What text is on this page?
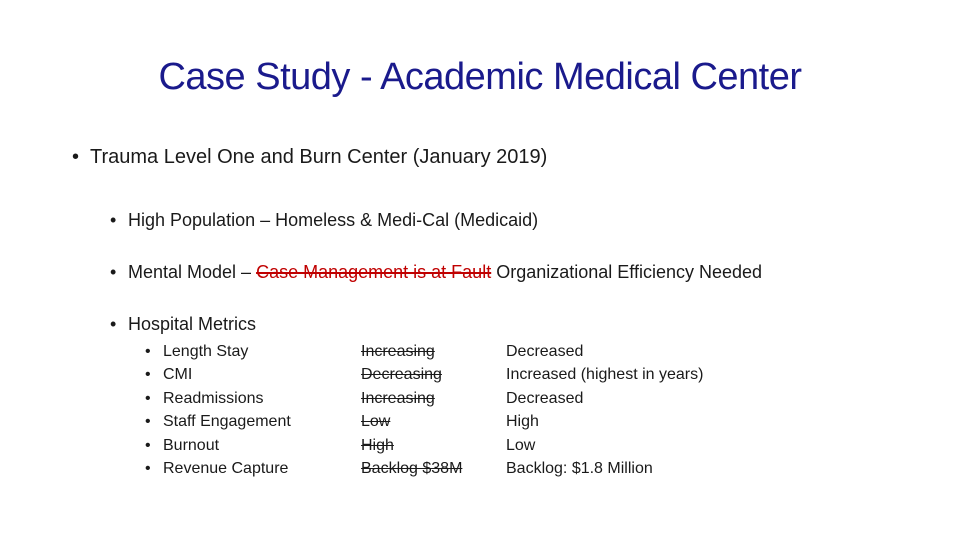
Case Study - Academic Medical Center
• Trauma Level One and Burn Center (January 2019)
• High Population – Homeless & Medi-Cal (Medicaid)
• Mental Model – Case Management is at Fault Organizational Efficiency Needed
• Hospital Metrics
• Length Stay
• CMI
• Readmissions
• Staff Engagement
• Burnout
• Revenue Capture
Increasing
Decreasing
Increasing
Low
High
Backlog $38M
Decreased
Increased (highest in years)
Decreased
High
Low
Backlog: $1.8 Million
